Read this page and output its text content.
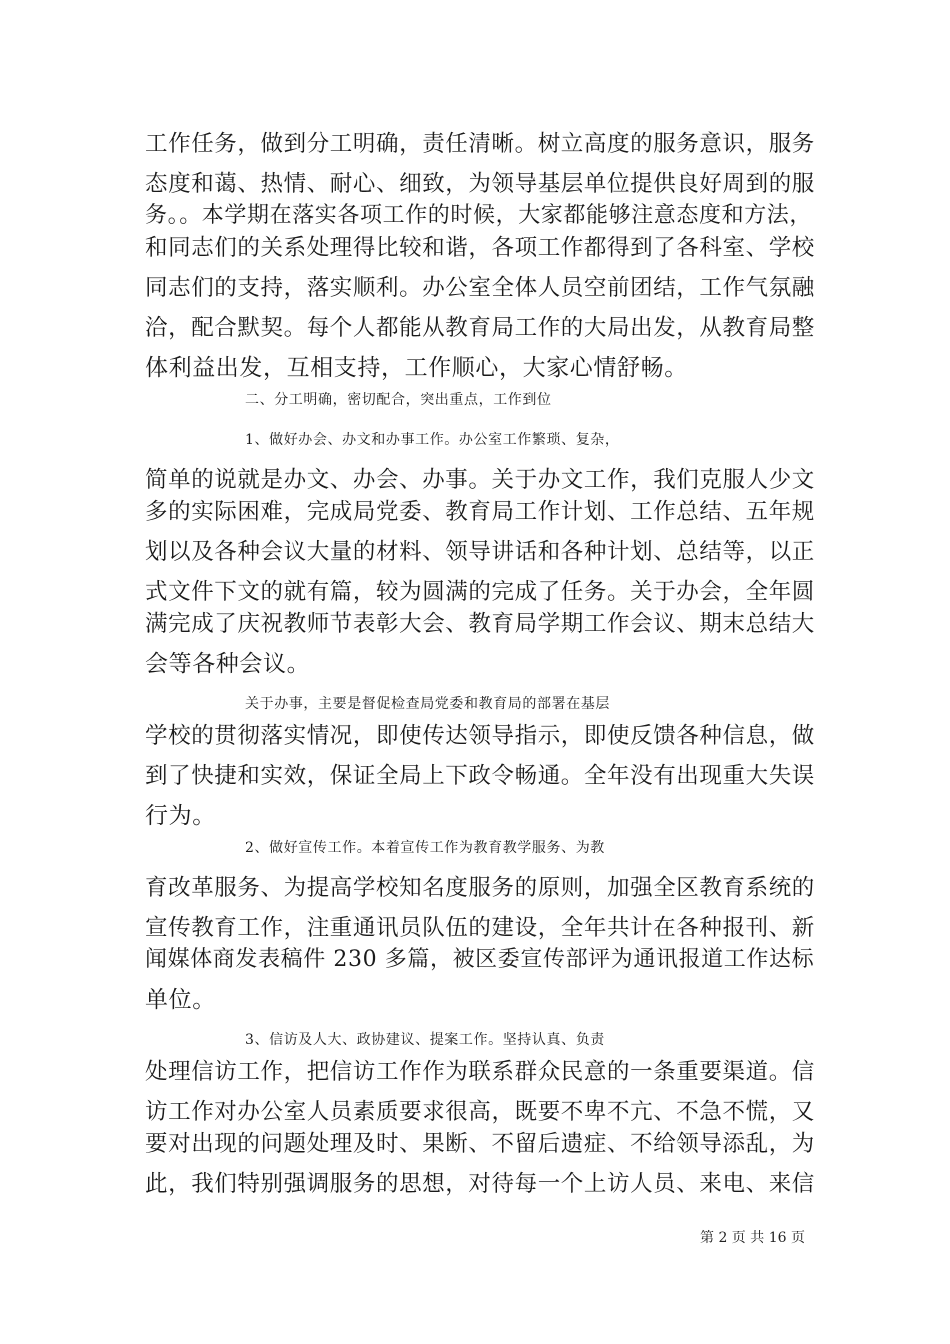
工作任务，做到分工明确，责任清晰。树立高度的服务意识，服务
态度和蔼、热情、耐心、细致，为领导基层单位提供良好周到的服
务。。本学期在落实各项工作的时候，大家都能够注意态度和方法，
和同志们的关系处理得比较和谐，各项工作都得到了各科室、学校
同志们的支持，落实顺利。办公室全体人员空前团结，工作气氛融
洽，配合默契。每个人都能从教育局工作的大局出发，从教育局整
体利益出发，互相支持，工作顺心，大家心情舒畅。
二、分工明确，密切配合，突出重点，工作到位
1、做好办会、办文和办事工作。办公室工作繁琐、复杂，
简单的说就是办文、办会、办事。关于办文工作，我们克服人少文
多的实际困难，完成局党委、教育局工作计划、工作总结、五年规
划以及各种会议大量的材料、领导讲话和各种计划、总结等，以正
式文件下文的就有篇，较为圆满的完成了任务。关于办会，全年圆
满完成了庆祝教师节表彰大会、教育局学期工作会议、期末总结大
会等各种会议。
关于办事，主要是督促检查局党委和教育局的部署在基层
学校的贯彻落实情况，即使传达领导指示，即使反馈各种信息，做
到了快捷和实效，保证全局上下政令畅通。全年没有出现重大失误
行为。
2、做好宣传工作。本着宣传工作为教育教学服务、为教
育改革服务、为提高学校知名度服务的原则，加强全区教育系统的
宣传教育工作，注重通讯员队伍的建设，全年共计在各种报刊、新
闻媒体商发表稿件 230 多篇，被区委宣传部评为通讯报道工作达标
单位。
3、信访及人大、政协建议、提案工作。坚持认真、负责
处理信访工作，把信访工作作为联系群众民意的一条重要渠道。信
访工作对办公室人员素质要求很高，既要不卑不亢、不急不慌，又
要对出现的问题处理及时、果断、不留后遗症、不给领导添乱，为
此，我们特别强调服务的思想，对待每一个上访人员、来电、来信
第 2 页 共 16 页
